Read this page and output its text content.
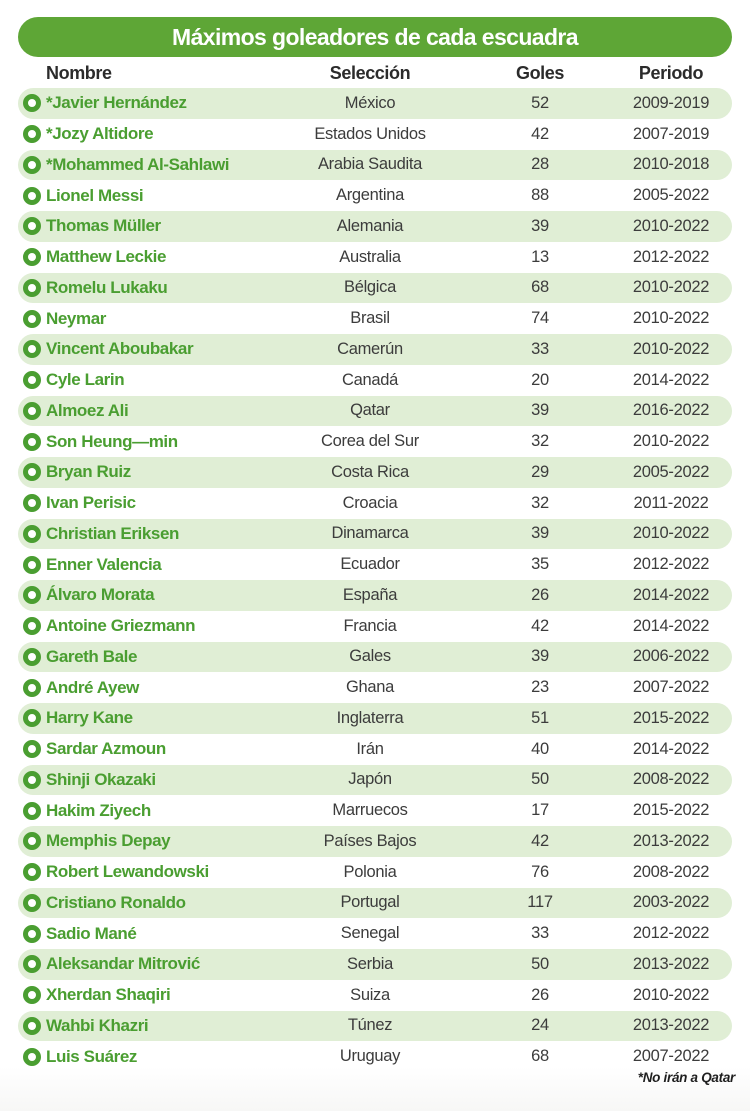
Máximos goleadores de cada escuadra
Nombre	Selección	Goles	Periodo
*Javier Hernández	México	52	2009-2019
*Jozy Altidore	Estados Unidos	42	2007-2019
*Mohammed Al-Sahlawi	Arabia Saudita	28	2010-2018
Lionel Messi	Argentina	88	2005-2022
Thomas Müller	Alemania	39	2010-2022
Matthew Leckie	Australia	13	2012-2022
Romelu Lukaku	Bélgica	68	2010-2022
Neymar	Brasil	74	2010-2022
Vincent Aboubakar	Camerún	33	2010-2022
Cyle Larin	Canadá	20	2014-2022
Almoez Ali	Qatar	39	2016-2022
Son Heung—min	Corea del Sur	32	2010-2022
Bryan Ruiz	Costa Rica	29	2005-2022
Ivan Perisic	Croacia	32	2011-2022
Christian Eriksen	Dinamarca	39	2010-2022
Enner Valencia	Ecuador	35	2012-2022
Álvaro Morata	España	26	2014-2022
Antoine Griezmann	Francia	42	2014-2022
Gareth Bale	Gales	39	2006-2022
André Ayew	Ghana	23	2007-2022
Harry Kane	Inglaterra	51	2015-2022
Sardar Azmoun	Irán	40	2014-2022
Shinji Okazaki	Japón	50	2008-2022
Hakim Ziyech	Marruecos	17	2015-2022
Memphis Depay	Países Bajos	42	2013-2022
Robert Lewandowski	Polonia	76	2008-2022
Cristiano Ronaldo	Portugal	117	2003-2022
Sadio Mané	Senegal	33	2012-2022
Aleksandar Mitrović	Serbia	50	2013-2022
Xherdan Shaqiri	Suiza	26	2010-2022
Wahbi Khazri	Túnez	24	2013-2022
Luis Suárez	Uruguay	68	2007-2022
*No irán a Qatar
